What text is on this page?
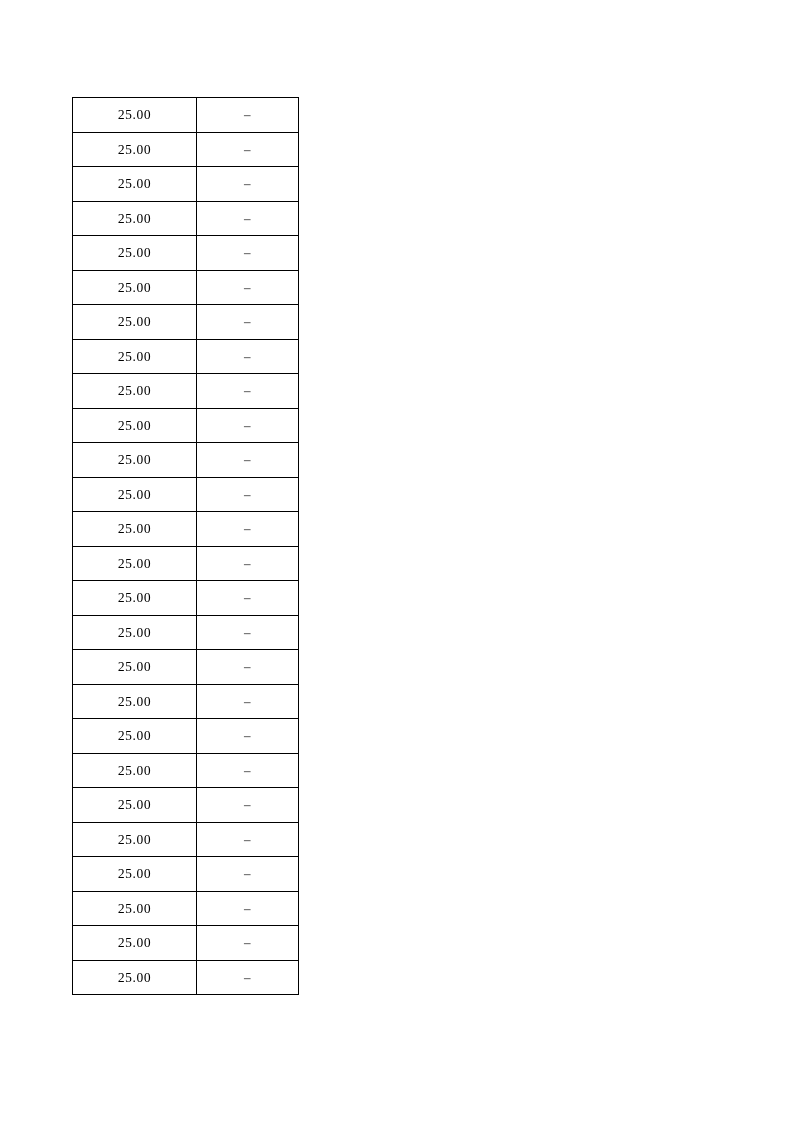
25.00	–
25.00	–
25.00	–
25.00	–
25.00	–
25.00	–
25.00	–
25.00	–
25.00	–
25.00	–
25.00	–
25.00	–
25.00	–
25.00	–
25.00	–
25.00	–
25.00	–
25.00	–
25.00	–
25.00	–
25.00	–
25.00	–
25.00	–
25.00	–
25.00	–
25.00	–
